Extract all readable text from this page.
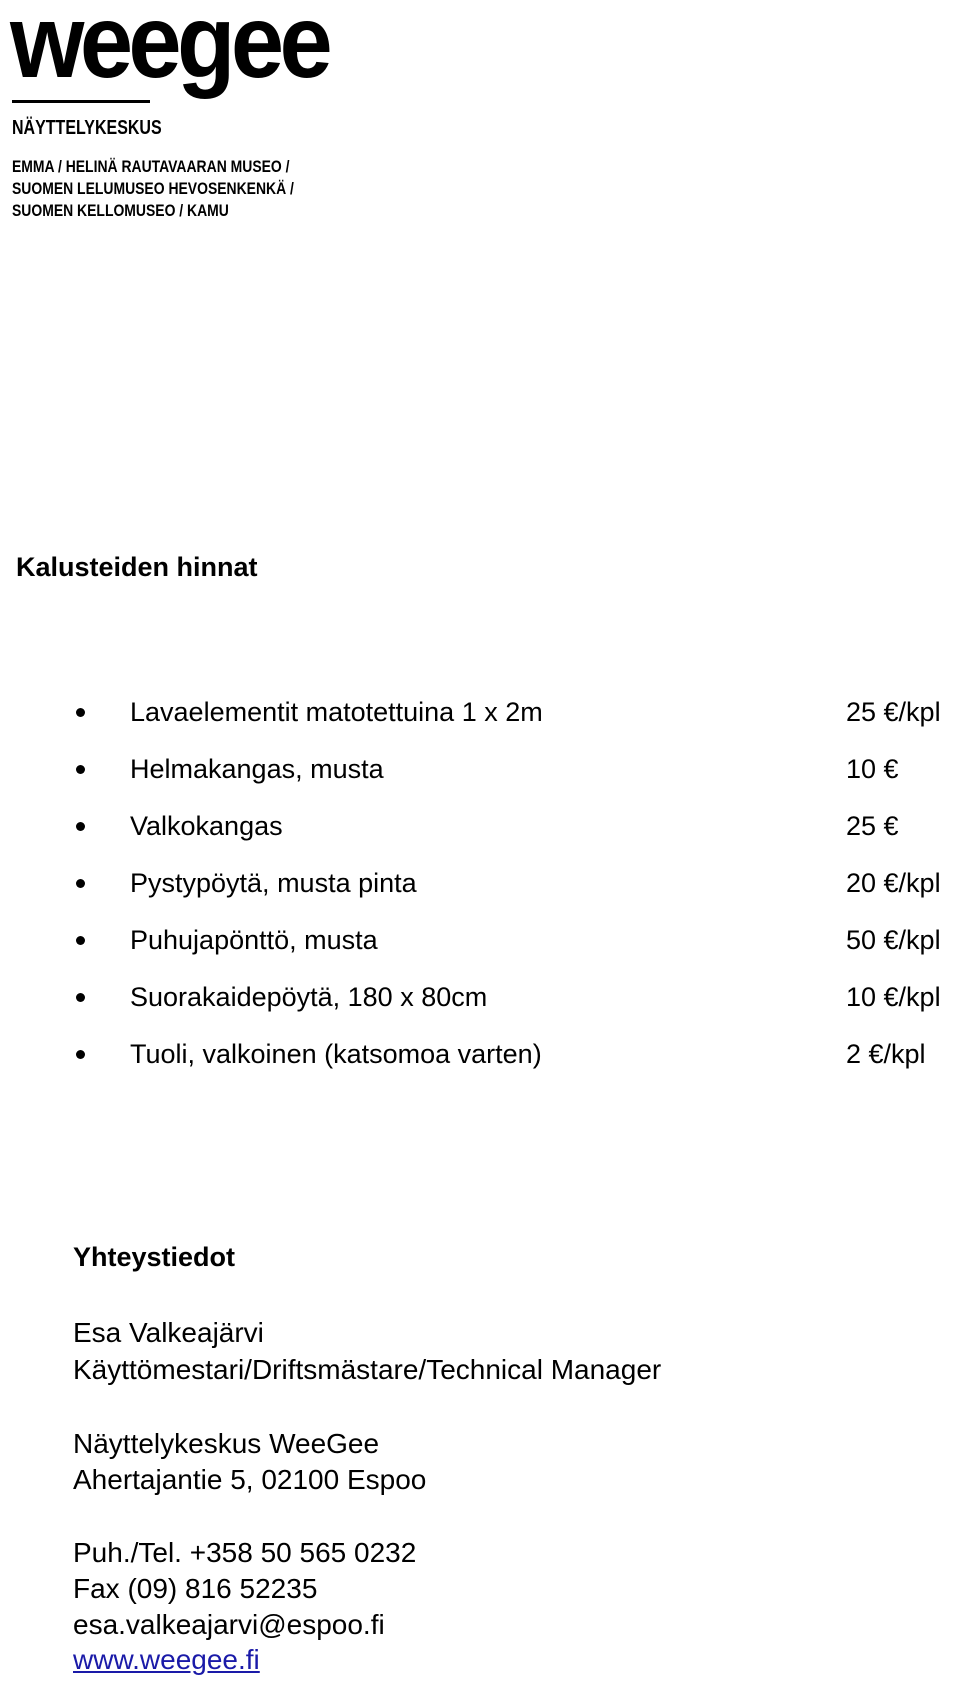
weegee
NÄYTTELYKESKUS
EMMA / HELINÄ RAUTAVAARAN MUSEO /
SUOMEN LELUMUSEO HEVOSENKENKÄ /
SUOMEN KELLOMUSEO / KAMU
Kalusteiden hinnat
Lavaelementit matotettuina 1 x 2m	25 €/kpl
Helmakangas, musta	10 €
Valkokangas	25 €
Pystypöytä, musta pinta	20 €/kpl
Puhujapönttö, musta	50 €/kpl
Suorakaidepöytä, 180 x 80cm	10 €/kpl
Tuoli, valkoinen (katsomoa varten)	2 €/kpl
Yhteystiedot
Esa Valkeajärvi
Käyttömestari/Driftsmästare/Technical Manager
Näyttelykeskus WeeGee
Ahertajantie 5, 02100 Espoo
Puh./Tel. +358 50 565 0232
Fax (09) 816 52235
esa.valkeajarvi@espoo.fi
www.weegee.fi
